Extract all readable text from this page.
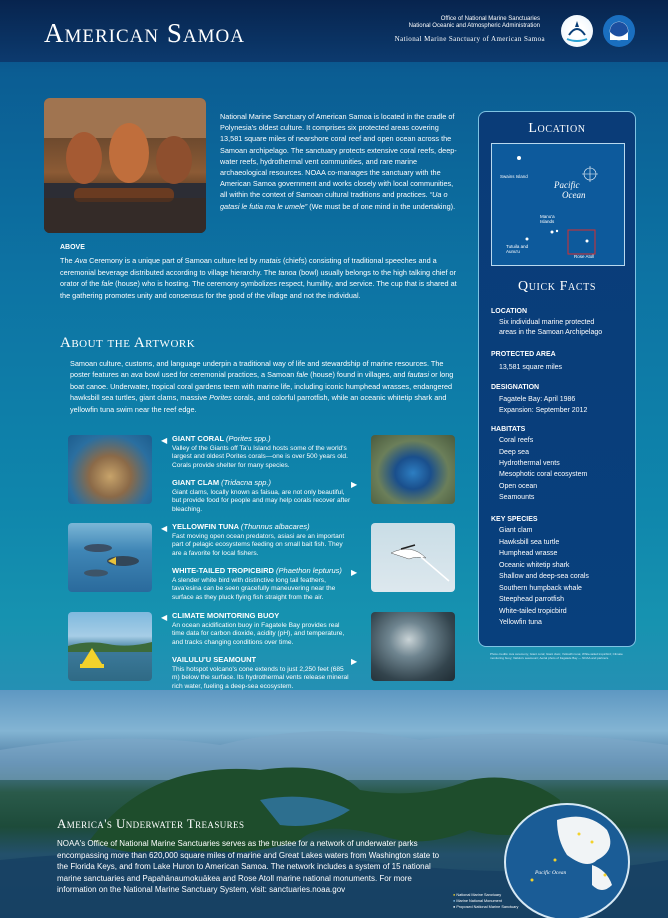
American Samoa	Office of National Marine Sanctuaries
National Oceanic and Atmospheric Administration
National Marine Sanctuary of American Samoa
National Marine Sanctuary of American Samoa is located in the cradle of Polynesia's oldest culture. It comprises six protected areas covering 13,581 square miles of nearshore coral reef and open ocean across the Samoan archipelago. The sanctuary protects extensive coral reefs, deep-water reefs, hydrothermal vent communities, and rare marine archaeological resources. NOAA co-manages the sanctuary with the American Samoa government and works closely with local communities, all within the context of Samoan cultural traditions and practices. “Ua o gatasi le futia ma le umele” (We must be of one mind in the undertaking).
ABOVE
The Ava Ceremony is a unique part of Samoan culture led by matais (chiefs) consisting of traditional speeches and a ceremonial beverage distributed according to village hierarchy. The tanoa (bowl) usually belongs to the high talking chief or orator of the fale (house) who is hosting. The ceremony symbolizes respect, humility, and service. The cup that is shared at the gathering promotes unity and consensus for the good of the village and not the individual.
About the Artwork
Samoan culture, customs, and language underpin a traditional way of life and stewardship of marine resources. The poster features an ava bowl used for ceremonial practices, a Samoan fale (house) found in villages, and fautasi or long boat canoe. Underwater, tropical coral gardens teem with marine life, including iconic humphead wrasses, endangered hawksbill sea turtles, giant clams, massive Porites corals, and colorful parrotfish, while an oceanic whitetip shark and yellowfin tuna swim near the reef edge.
◀ GIANT CORAL (Porites spp.)
Valley of the Giants off Ta'u Island hosts some of the world's largest and oldest Porites corals—one is over 500 years old. Corals provide shelter for many species.
▶
GIANT CLAM (Tridacna spp.)
Giant clams, locally known as faisua, are not only beautiful, but provide food for people and may help corals recover after bleaching.
◀ YELLOWFIN TUNA (Thunnus albacares)
Fast moving open ocean predators, asiasi are an important part of pelagic ecosystems feeding on small bait fish. They are a favorite for local fishers.
▶
WHITE-TAILED TROPICBIRD (Phaethon lepturus)
A slender white bird with distinctive long tail feathers, tava'esina can be seen gracefully maneuvering near the surface as they pluck flying fish straight from the air.
◀ CLIMATE MONITORING BUOY
An ocean acidification buoy in Fagatele Bay provides real time data for carbon dioxide, acidity (pH), and temperature, and tracks changing conditions over time.
▶
VAILULU'U SEAMOUNT
This hotspot volcano's cone extends to just 2,250 feet (685 m) below the surface. Its hydrothermal vents release mineral rich water, fueling a deep-sea ecosystem.
Location
Swains Island
Pacific
Ocean
Manu'a Islands
Tutuila and Aunu'u
Rose Atoll
Quick Facts
LOCATION
Six individual marine protected
areas in the Samoan Archipelago
PROTECTED AREA
13,581 square miles
DESIGNATION
Fagatele Bay: April 1986
Expansion: September 2012
HABITATS
Coral reefs
Deep sea
Hydrothermal vents
Mesophotic coral ecosystem
Open ocean
Seamounts
KEY SPECIES
Giant clam
Hawksbill sea turtle
Humphead wrasse
Oceanic whitetip shark
Shallow and deep-sea corals
Southern humpback whale
Steephead parrotfish
White-tailed tropicbird
Yellowfin tuna
Photo credits: Ava ceremony; Giant coral; Giant clam; Yellowfin tuna; White-tailed tropicbird; Climate monitoring buoy; Vailulu'u seamount; Aerial photo of Fagatele Bay — NOAA and partners.
America's Underwater Treasures
NOAA's Office of National Marine Sanctuaries serves as the trustee for a network of underwater parks encompassing more than 620,000 square miles of marine and Great Lakes waters from Washington state to the Florida Keys, and from Lake Huron to American Samoa. The network includes a system of 15 national marine sanctuaries and Papahānaumokuākea and Rose Atoll marine national monuments. For more information on the National Marine Sanctuary System, visit: sanctuaries.noaa.gov
Pacific Ocean
● National Marine Sanctuary
● Marine National Monument
● Proposed National Marine Sanctuary
